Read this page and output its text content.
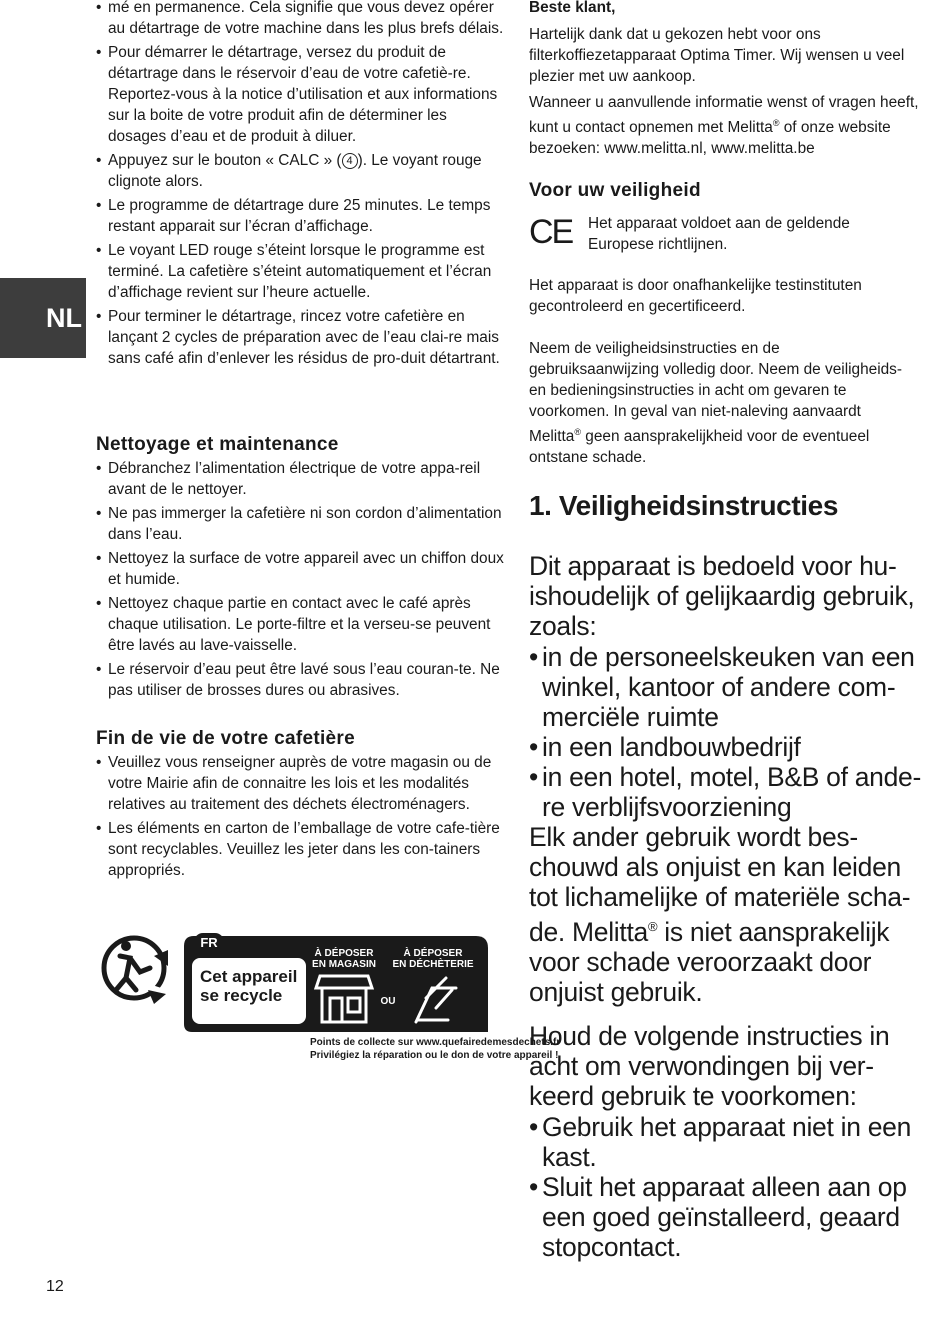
NL
12
• mé en permanence. Cela signifie que vous devez opérer au détartrage de votre machine dans les plus brefs délais.
• Pour démarrer le détartrage, versez du produit de détartrage dans le réservoir d’eau de votre cafetiè-re. Reportez-vous à la notice d’utilisation et aux informations sur la boite de votre produit afin de déterminer les dosages d’eau et de produit à diluer.
• Appuyez sur le bouton « CALC » ( 4 ). Le voyant rouge clignote alors.
• Le programme de détartrage dure 25 minutes. Le temps restant apparait sur l’écran d’affichage.
• Le voyant LED rouge s’éteint lorsque le programme est terminé. La cafetière s’éteint automatiquement et l’écran d’affichage revient sur l’heure actuelle.
• Pour terminer le détartrage, rincez votre cafetière en lançant 2 cycles de préparation avec de l’eau clai-re mais sans café afin d’enlever les résidus de pro-duit détartrant.
Nettoyage et maintenance
• Débranchez l’alimentation électrique de votre appa-reil avant de le nettoyer.
• Ne pas immerger la cafetière ni son cordon d’alimentation dans l’eau.
• Nettoyez la surface de votre appareil avec un chiffon doux et humide.
• Nettoyez chaque partie en contact avec le café après chaque utilisation. Le porte-filtre et la verseu-se peuvent être lavés au lave-vaisselle.
• Le réservoir d’eau peut être lavé sous l’eau couran-te. Ne pas utiliser de brosses dures ou abrasives.
Fin de vie de votre cafetière
• Veuillez vous renseigner auprès de votre magasin ou de votre Mairie afin de connaitre les lois et les modalités relatives au traitement des déchets électroménagers.
• Les éléments en carton de l’emballage de votre cafe-tière sont recyclables. Veuillez les jeter dans les con-tainers appropriés.
FR
Cet appareil
se recycle
À DÉPOSER
EN MAGASIN
À DÉPOSER
EN DÉCHÈTERIE
OU
Points de collecte sur www.quefairedemesdechets.fr
Privilégiez la réparation ou le don de votre appareil !

Beste klant,

Hartelijk dank dat u gekozen hebt voor ons filterkoffiezetapparaat Optima Timer. Wij wensen u veel plezier met uw aankoop.

Wanneer u aanvullende informatie wenst of vragen heeft, kunt u contact opnemen met Melitta® of onze website bezoeken: www.melitta.nl, www.melitta.be

Voor uw veiligheid
CE Het apparaat voldoet aan de geldende Europese richtlijnen.

Het apparaat is door onafhankelijke testinstituten gecontroleerd en gecertificeerd.

Neem de veiligheidsinstructies en de gebruiksaanwijzing volledig door. Neem de veiligheids- en bedieningsinstructies in acht om gevaren te voorkomen. In geval van niet-naleving aanvaardt Melitta® geen aansprakelijkheid voor de eventueel ontstane schade.

1. Veiligheidsinstructies

Dit apparaat is bedoeld voor hu-ishoudelijk of gelijkaardig gebruik, zoals:

• in de personeelskeuken van een winkel, kantoor of andere com-merciële ruimte
• in een landbouwbedrijf
• in een hotel, motel, B&B of ande-re verblijfsvoorziening

Elk ander gebruik wordt bes-chouwd als onjuist en kan leiden tot lichamelijke of materiële scha-de. Melitta® is niet aansprakelijk voor schade veroorzaakt door onjuist gebruik.

Houd de volgende instructies in acht om verwondingen bij ver-keerd gebruik te voorkomen:

• Gebruik het apparaat niet in een kast.
• Sluit het apparaat alleen aan op een goed geïnstalleerd, geaard stopcontact.
